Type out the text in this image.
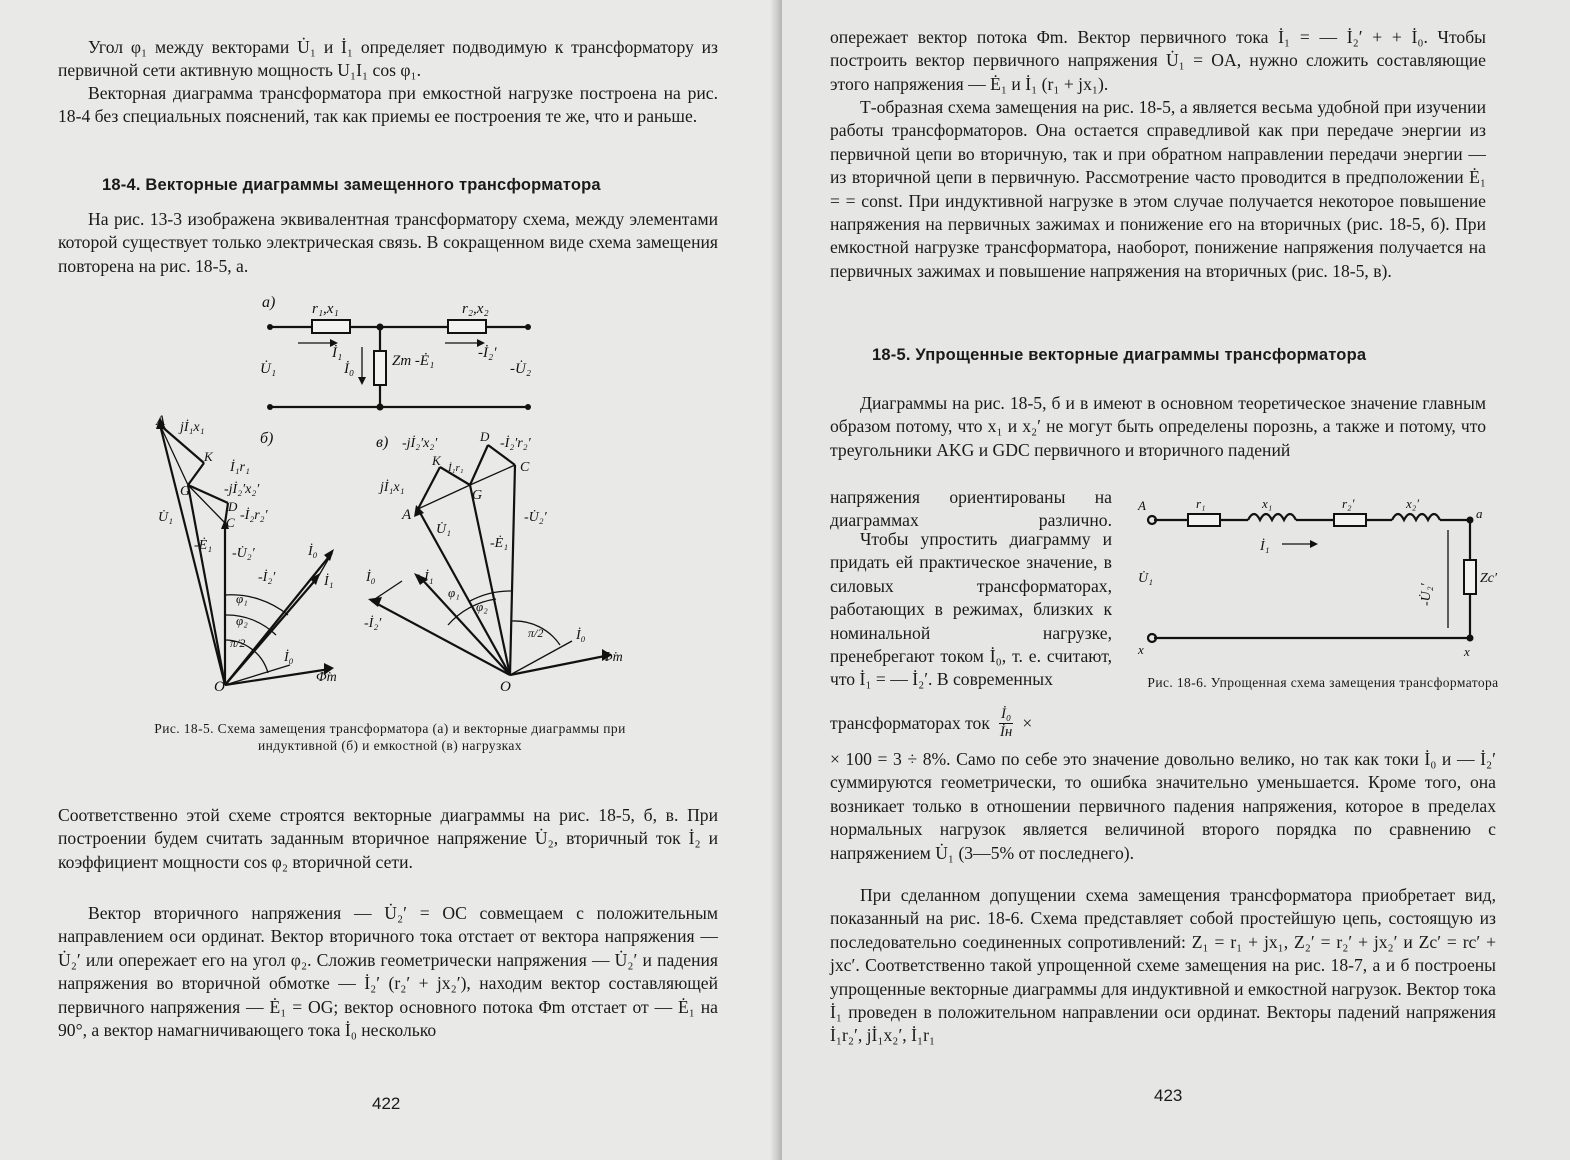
Угол φ₁ между векторами U̇₁ и İ₁ определяет подводимую к трансформатору из первичной сети активную мощность U₁I₁ cos φ₁.

Векторная диаграмма трансформатора при емкостной нагрузке построена на рис. 18-4 без специальных пояснений, так как приемы ее построения те же, что и раньше.

18-4. Векторные диаграммы замещенного трансформатора

На рис. 13-3 изображена эквивалентная трансформатору схема, между элементами которой существует только электрическая связь. В сокращенном виде схема замещения повторена на рис. 18-5, а.

а) r₁,x₁	r₂,x₂
İ₁	-İ₂′
U̇₁	İ₀	Zm -Ė₁	-U̇₂
б)
A
K
G
D
C
O
jİ₁x₁
İ₁r₁
-jİ₂′x₂′
-İ₂r₂′
U̇₁
-Ė₁
-U̇₂′	İ₀
İ₁
-İ₂′
φ₁
φ₂
π/2
İ₀
Φ̇m
в)	D
C
K
G
A
O
-jİ₂′x₂′	-İ₂′r₂′
İ₁r₁
jİ₁x₁
-U̇₂′
U̇₁
-Ė₁
İ₀	İ₁
-İ₂′
φ₁
φ₂
π/2 İ₀
Φ̇m

Рис. 18-5. Схема замещения трансформатора (а) и векторные диаграммы при индуктивной (б) и емкостной (в) нагрузках

Соответственно этой схеме строятся векторные диаграммы на рис. 18-5, б, в. При построении будем считать заданным вторичное напряжение U̇₂, вторичный ток İ₂ и коэффициент мощности cos φ₂ вторичной сети.

Вектор вторичного напряжения — U̇₂′ = OC совмещаем с положительным направлением оси ординат. Вектор вторичного тока отстает от вектора напряжения — U̇₂′ или опережает его на угол φ₂. Сложив геометрически напряжения — U̇₂′ и падения напряжения во вторичной обмотке — İ₂′ (r₂′ + jx₂′), находим вектор составляющей первичного напряжения — Ė₁ = OG; вектор основного потока Φm отстает от — Ė₁ на 90°, а вектор намагничивающего тока İ₀ несколько

422

опережает вектор потока Φm. Вектор первичного тока İ₁ = — İ₂′ + + İ₀. Чтобы построить вектор первичного напряжения U̇₁ = OA, нужно сложить составляющие этого напряжения — Ė₁ и İ₁ (r₁ + jx₁).

Т-образная схема замещения на рис. 18-5, а является весьма удобной при изучении работы трансформаторов. Она остается справедливой как при передаче энергии из первичной цепи во вторичную, так и при обратном направлении передачи энергии — из вторичной цепи в первичную. Рассмотрение часто проводится в предположении Ė₁ = = const. При индуктивной нагрузке в этом случае получается некоторое повышение напряжения на первичных зажимах и понижение его на вторичных (рис. 18-5, б). При емкостной нагрузке трансформатора, наоборот, понижение напряжения получается на первичных зажимах и повышение напряжения на вторичных (рис. 18-5, в).

18-5. Упрощенные векторные диаграммы трансформатора

Диаграммы на рис. 18-5, б и в имеют в основном теоретическое значение главным образом потому, что x₁ и x₂′ не могут быть определены порознь, а также и потому, что треугольники AKG и GDC первичного и вторичного падений

напряжения ориентированы на диаграммах различно.

Чтобы упростить диаграмму и придать ей практическое значение, в силовых трансформаторах, работающих в режимах, близких к номинальной нагрузке, пренебрегают током İ₀, т. е. считают, что İ₁ = — İ₂′. В современных

трансформаторах ток İ₀
İн ×

× 100 = 3 ÷ 8%. Само по себе это значение довольно велико, но так как токи İ₀ и — İ₂′ суммируются геометрически, то ошибка значительно уменьшается. Кроме того, она возникает только в отношении первичного падения напряжения, которое в пределах нормальных нагрузок является величиной второго порядка по сравнению с напряжением U̇₁ (3—5% от последнего).

При сделанном допущении схема замещения трансформатора приобретает вид, показанный на рис. 18-6. Схема представляет собой простейшую цепь, состоящую из последовательно соединенных сопротивлений: Z₁ = r₁ + jx₁, Z₂′ = r₂′ + jx₂′ и Zc′ = rc′ + jxc′. Соответственно такой упрощенной схеме замещения на рис. 18-7, а и б построены упрощенные векторные диаграммы для индуктивной и емкостной нагрузок. Вектор тока İ₁ проведен в положительном направлении оси ординат. Векторы падений напряжения İ₁r₂′, jİ₁x₂′, İ₁r₁

A
x
a
x
r₁	x₁	r₂′	x₂′
İ₁
U̇₁
-U̇₂′
Zc′

Рис. 18-6. Упрощенная схема замещения трансформатора

423
